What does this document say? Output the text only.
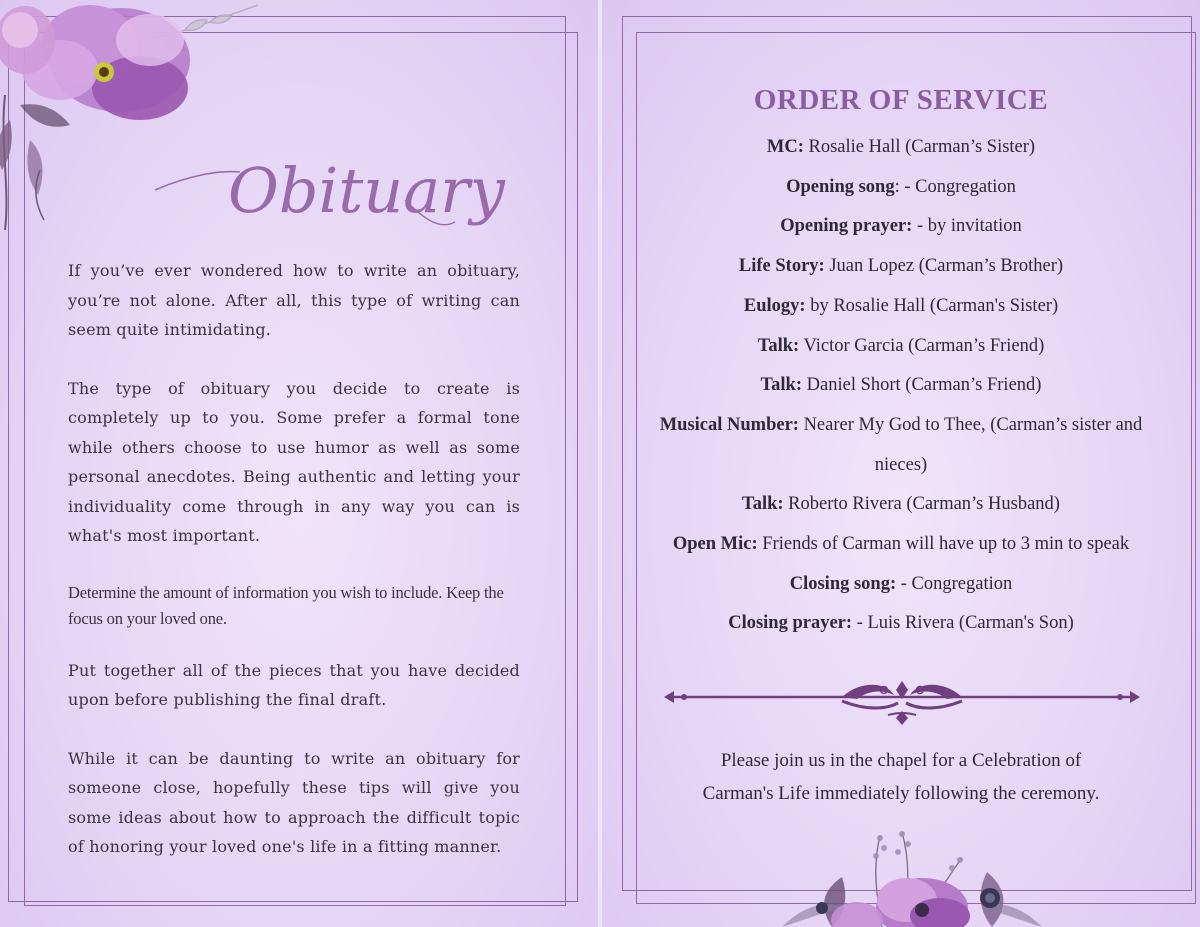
Obituary

If you’ve ever wondered how to write an obituary, you’re not alone. After all, this type of writing can seem quite intimidating.

The type of obituary you decide to create is completely up to you. Some prefer a formal tone while others choose to use humor as well as some personal anecdotes. Being authentic and letting your individuality come through in any way you can is what's most important.

Determine the amount of information you wish to include. Keep the focus on your loved one.

Put together all of the pieces that you have decided upon before publishing the final draft.

While it can be daunting to write an obituary for someone close, hopefully these tips will give you some ideas about how to approach the difficult topic of honoring your loved one's life in a fitting manner.

ORDER OF SERVICE
MC: Rosalie Hall (Carman’s Sister)
Opening song: - Congregation
Opening prayer: - by invitation
Life Story: Juan Lopez (Carman’s Brother)
Eulogy: by Rosalie Hall (Carman's Sister)
Talk: Victor Garcia (Carman’s Friend)
Talk: Daniel Short (Carman’s Friend)
Musical Number: Nearer My God to Thee, (Carman’s sister and nieces)
Talk: Roberto Rivera (Carman’s Husband)
Open Mic: Friends of Carman will have up to 3 min to speak
Closing song: - Congregation
Closing prayer: - Luis Rivera (Carman's Son)
Please join us in the chapel for a Celebration of
Carman's Life immediately following the ceremony.
